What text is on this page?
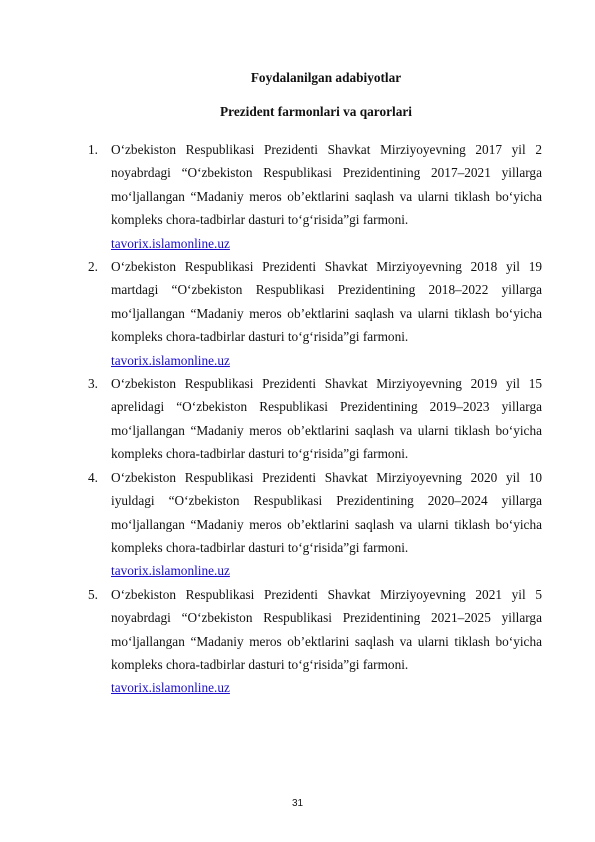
Foydalanilgan adabiyotlar
Prezident farmonlari va qarorlari
1. O‘zbekiston Respublikasi Prezidenti Shavkat Mirziyoyevning 2017 yil 2 noyabrdagi “O‘zbekiston Respublikasi Prezidentining 2017–2021 yillarga mo‘ljallangan “Madaniy meros ob’ektlarini saqlash va ularni tiklash bo‘yicha kompleks chora-tadbirlar dasturi to‘g‘risida”gi farmoni.
tavorix.islamonline.uz
2. O‘zbekiston Respublikasi Prezidenti Shavkat Mirziyoyevning 2018 yil 19 martdagi “O‘zbekiston Respublikasi Prezidentining 2018–2022 yillarga mo‘ljallangan “Madaniy meros ob’ektlarini saqlash va ularni tiklash bo‘yicha kompleks chora-tadbirlar dasturi to‘g‘risida”gi farmoni.
tavorix.islamonline.uz
3. O‘zbekiston Respublikasi Prezidenti Shavkat Mirziyoyevning 2019 yil 15 aprelidagi “O‘zbekiston Respublikasi Prezidentining 2019–2023 yillarga mo‘ljallangan “Madaniy meros ob’ektlarini saqlash va ularni tiklash bo‘yicha kompleks chora-tadbirlar dasturi to‘g‘risida”gi farmoni.
4. O‘zbekiston Respublikasi Prezidenti Shavkat Mirziyoyevning 2020 yil 10 iyuldagi “O‘zbekiston Respublikasi Prezidentining 2020–2024 yillarga mo‘ljallangan “Madaniy meros ob’ektlarini saqlash va ularni tiklash bo‘yicha kompleks chora-tadbirlar dasturi to‘g‘risida”gi farmoni.
tavorix.islamonline.uz
5. O‘zbekiston Respublikasi Prezidenti Shavkat Mirziyoyevning 2021 yil 5 noyabrdagi “O‘zbekiston Respublikasi Prezidentining 2021–2025 yillarga mo‘ljallangan “Madaniy meros ob’ektlarini saqlash va ularni tiklash bo‘yicha kompleks chora-tadbirlar dasturi to‘g‘risida”gi farmoni.
tavorix.islamonline.uz
31
